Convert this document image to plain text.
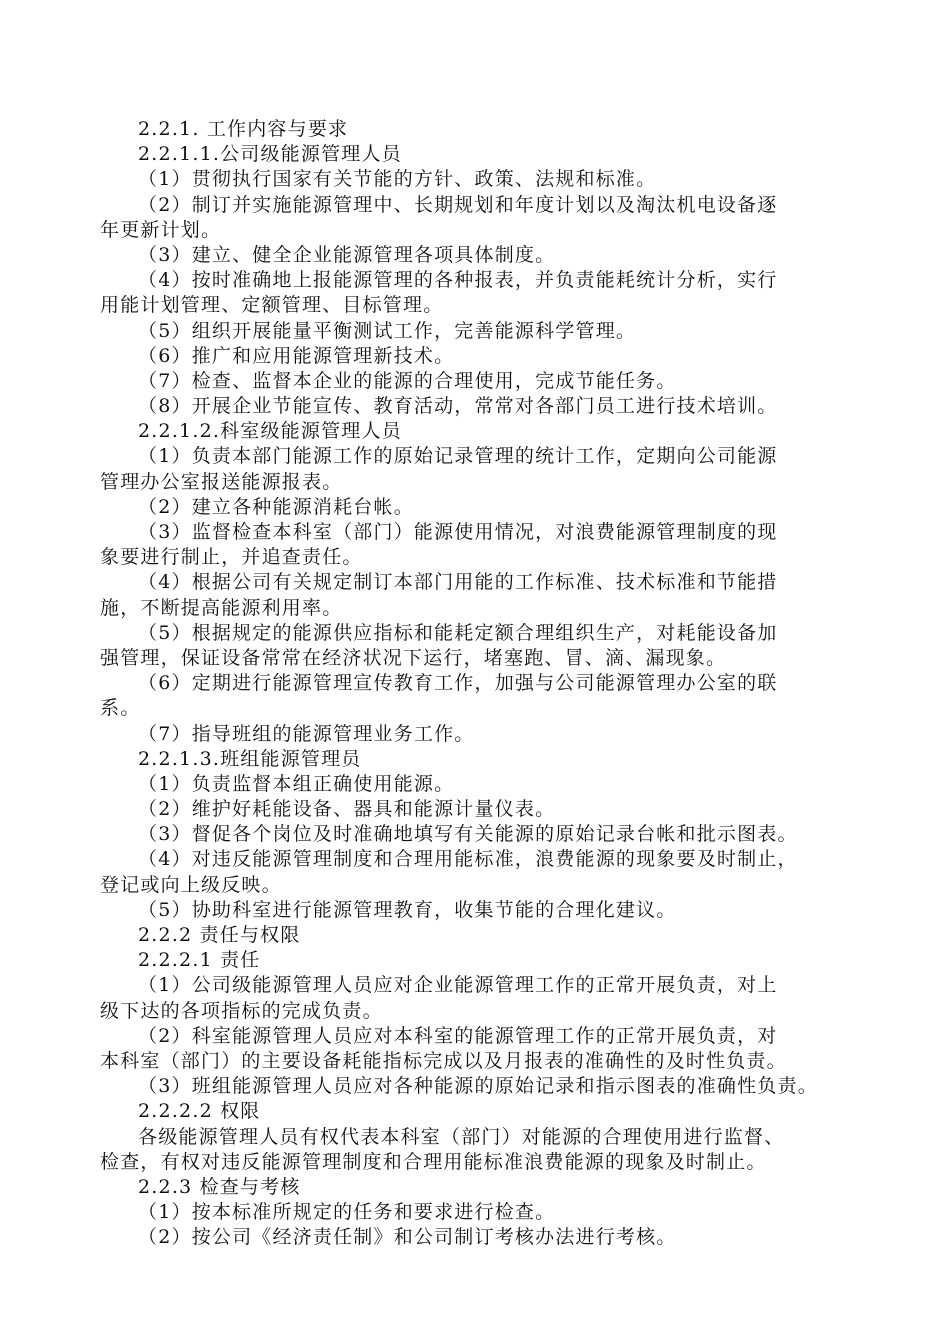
2.2.1. 工作内容与要求
2.2.1.1.公司级能源管理人员
（1）贯彻执行国家有关节能的方针、政策、法规和标准。
（2）制订并实施能源管理中、长期规划和年度计划以及淘汰机电设备逐
年更新计划。
（3）建立、健全企业能源管理各项具体制度。
（4）按时准确地上报能源管理的各种报表，并负责能耗统计分析，实行
用能计划管理、定额管理、目标管理。
（5）组织开展能量平衡测试工作，完善能源科学管理。
（6）推广和应用能源管理新技术。
（7）检查、监督本企业的能源的合理使用，完成节能任务。
（8）开展企业节能宣传、教育活动，常常对各部门员工进行技术培训。
2.2.1.2.科室级能源管理人员
（1）负责本部门能源工作的原始记录管理的统计工作，定期向公司能源
管理办公室报送能源报表。
（2）建立各种能源消耗台帐。
（3）监督检查本科室（部门）能源使用情况，对浪费能源管理制度的现
象要进行制止，并追查责任。
（4）根据公司有关规定制订本部门用能的工作标准、技术标准和节能措
施，不断提高能源利用率。
（5）根据规定的能源供应指标和能耗定额合理组织生产，对耗能设备加
强管理，保证设备常常在经济状况下运行，堵塞跑、冒、滴、漏现象。
（6）定期进行能源管理宣传教育工作，加强与公司能源管理办公室的联
系。
（7）指导班组的能源管理业务工作。
2.2.1.3.班组能源管理员
（1）负责监督本组正确使用能源。
（2）维护好耗能设备、器具和能源计量仪表。
（3）督促各个岗位及时准确地填写有关能源的原始记录台帐和批示图表。
（4）对违反能源管理制度和合理用能标准，浪费能源的现象要及时制止，
登记或向上级反映。
（5）协助科室进行能源管理教育，收集节能的合理化建议。
2.2.2 责任与权限
2.2.2.1 责任
（1）公司级能源管理人员应对企业能源管理工作的正常开展负责，对上
级下达的各项指标的完成负责。
（2）科室能源管理人员应对本科室的能源管理工作的正常开展负责，对
本科室（部门）的主要设备耗能指标完成以及月报表的准确性的及时性负责。
（3）班组能源管理人员应对各种能源的原始记录和指示图表的准确性负责。
2.2.2.2 权限
各级能源管理人员有权代表本科室（部门）对能源的合理使用进行监督、
检查，有权对违反能源管理制度和合理用能标准浪费能源的现象及时制止。
2.2.3 检查与考核
（1）按本标准所规定的任务和要求进行检查。
（2）按公司《经济责任制》和公司制订考核办法进行考核。
